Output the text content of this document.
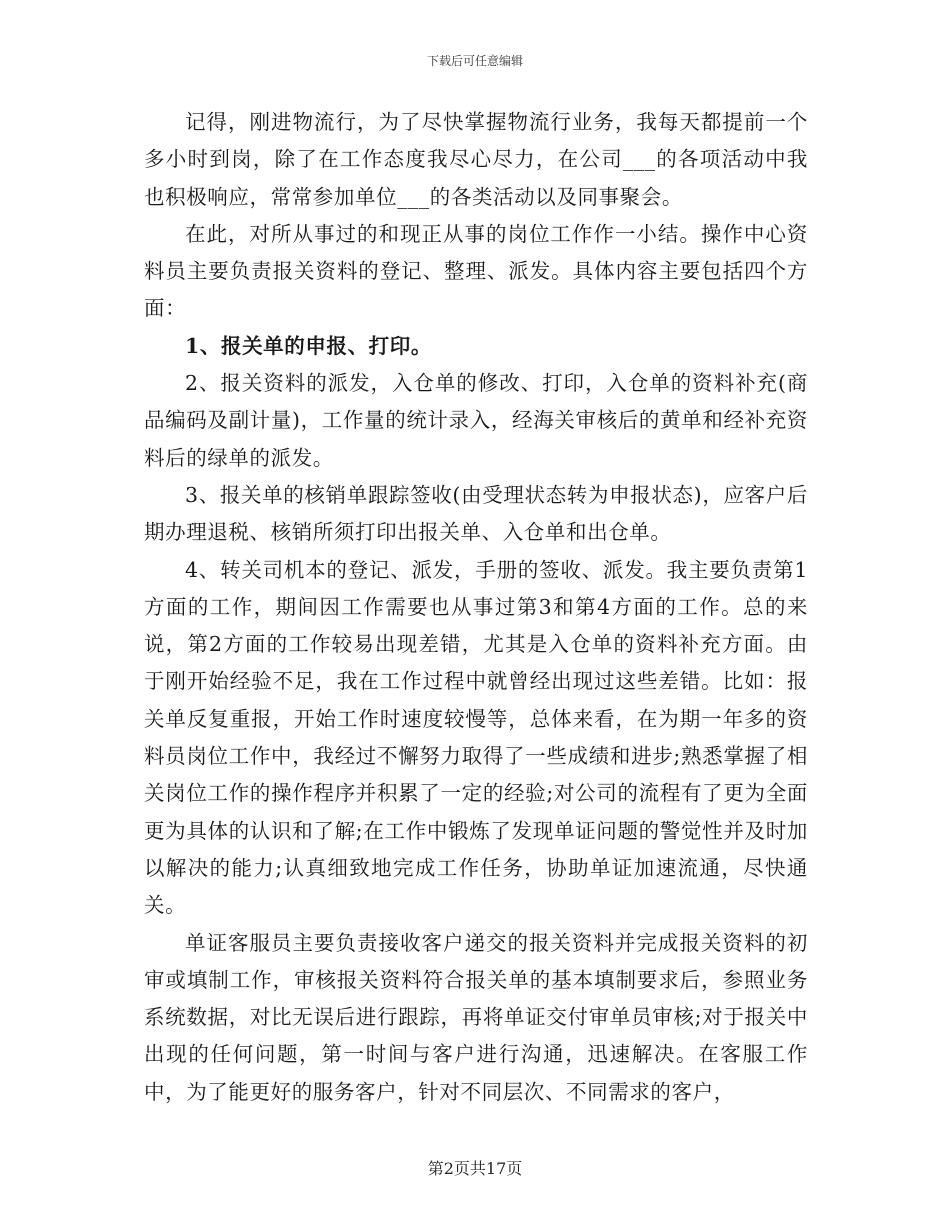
下载后可任意编辑

记得，刚进物流行，为了尽快掌握物流行业务，我每天都提前一个多小时到岗，除了在工作态度我尽心尽力，在公司___的各项活动中我也积极响应，常常参加单位___的各类活动以及同事聚会。

在此，对所从事过的和现正从事的岗位工作作一小结。操作中心资料员主要负责报关资料的登记、整理、派发。具体内容主要包括四个方面：

1、报关单的申报、打印。

2、报关资料的派发，入仓单的修改、打印，入仓单的资料补充(商品编码及副计量)，工作量的统计录入，经海关审核后的黄单和经补充资料后的绿单的派发。

3、报关单的核销单跟踪签收(由受理状态转为申报状态)，应客户后期办理退税、核销所须打印出报关单、入仓单和出仓单。

4、转关司机本的登记、派发，手册的签收、派发。我主要负责第1方面的工作，期间因工作需要也从事过第3和第4方面的工作。总的来说，第2方面的工作较易出现差错，尤其是入仓单的资料补充方面。由于刚开始经验不足，我在工作过程中就曾经出现过这些差错。比如：报关单反复重报，开始工作时速度较慢等，总体来看，在为期一年多的资料员岗位工作中，我经过不懈努力取得了一些成绩和进步;熟悉掌握了相关岗位工作的操作程序并积累了一定的经验;对公司的流程有了更为全面更为具体的认识和了解;在工作中锻炼了发现单证问题的警觉性并及时加以解决的能力;认真细致地完成工作任务，协助单证加速流通，尽快通关。

单证客服员主要负责接收客户递交的报关资料并完成报关资料的初审或填制工作，审核报关资料符合报关单的基本填制要求后，参照业务系统数据，对比无误后进行跟踪，再将单证交付审单员审核;对于报关中出现的任何问题，第一时间与客户进行沟通，迅速解决。在客服工作中，为了能更好的服务客户，针对不同层次、不同需求的客户，

第2页共17页
